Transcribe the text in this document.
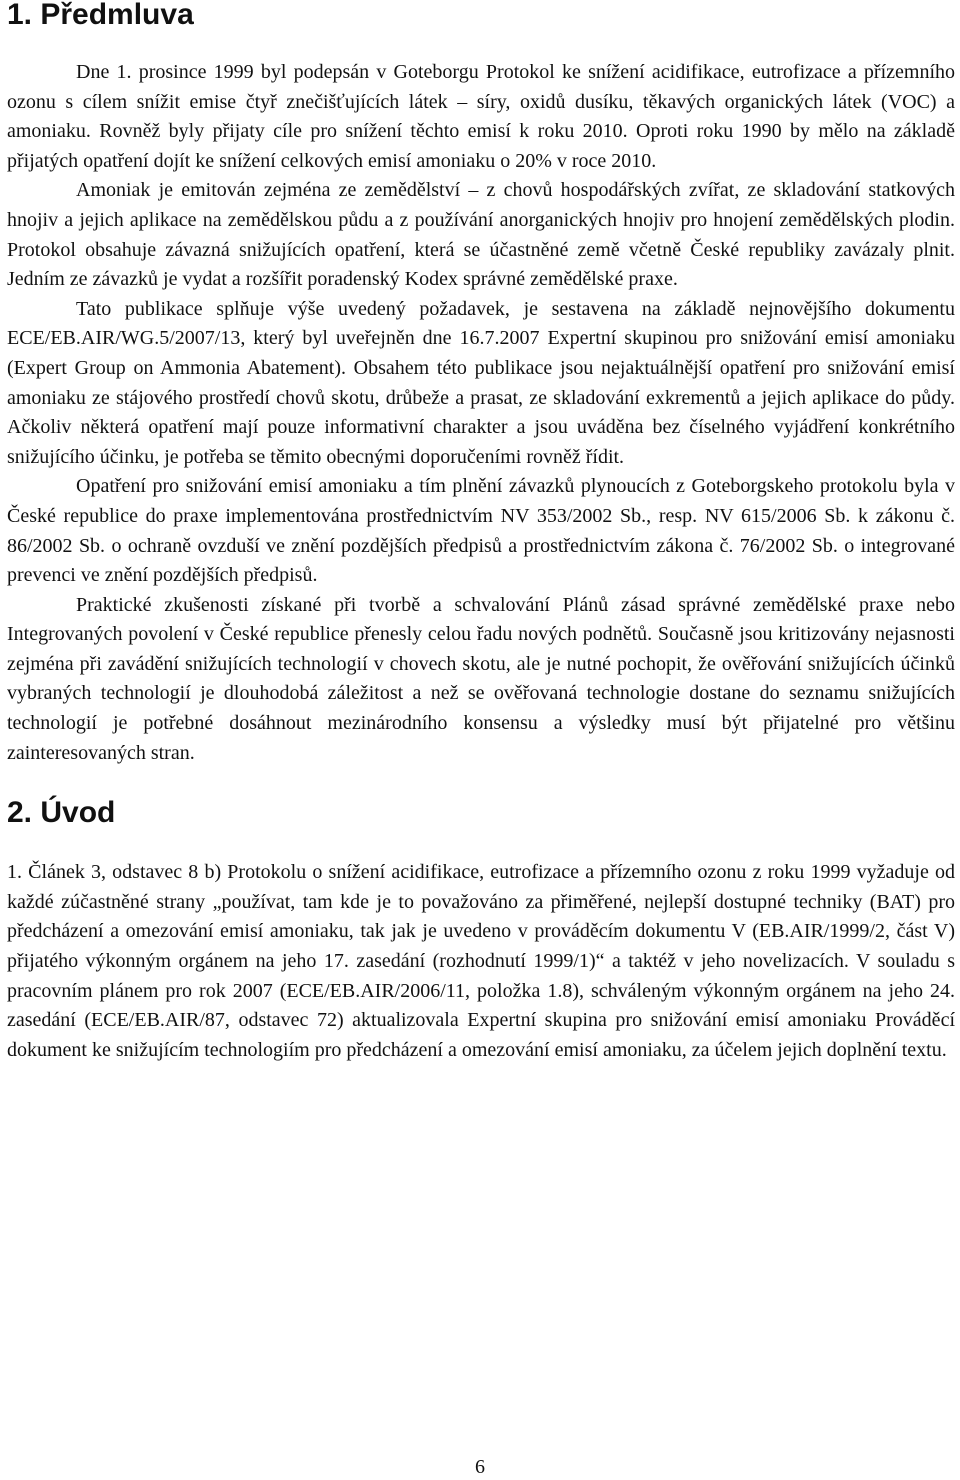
1. Předmluva

Dne 1. prosince 1999 byl podepsán v Goteborgu Protokol ke snížení acidifikace, eutrofizace a přízemního ozonu s cílem snížit emise čtyř znečišťujících látek – síry, oxidů dusíku, těkavých organických látek (VOC) a amoniaku. Rovněž byly přijaty cíle pro snížení těchto emisí k roku 2010. Oproti roku 1990 by mělo na základě přijatých opatření dojít ke snížení celkových emisí amoniaku o 20% v roce 2010.

Amoniak je emitován zejména ze zemědělství – z chovů hospodářských zvířat, ze skladování statkových hnojiv a jejich aplikace na zemědělskou půdu a z používání anorganických hnojiv pro hnojení zemědělských plodin. Protokol obsahuje závazná snižujících opatření, která se účastněné země včetně České republiky zavázaly plnit. Jedním ze závazků je vydat a rozšířit poradenský Kodex správné zemědělské praxe.

Tato publikace splňuje výše uvedený požadavek, je sestavena na základě nejnovějšího dokumentu ECE/EB.AIR/WG.5/2007/13, který byl uveřejněn dne 16.7.2007 Expertní skupinou pro snižování emisí amoniaku (Expert Group on Ammonia Abatement). Obsahem této publikace jsou nejaktuálnější opatření pro snižování emisí amoniaku ze stájového prostředí chovů skotu, drůbeže a prasat, ze skladování exkrementů a jejich aplikace do půdy. Ačkoliv některá opatření mají pouze informativní charakter a jsou uváděna bez číselného vyjádření konkrétního snižujícího účinku, je potřeba se těmito obecnými doporučeními rovněž řídit.

Opatření pro snižování emisí amoniaku a tím plnění závazků plynoucích z Goteborgskeho protokolu byla v České republice do praxe implementována prostřednictvím NV 353/2002 Sb., resp. NV 615/2006 Sb. k zákonu č. 86/2002 Sb. o ochraně ovzduší ve znění pozdějších předpisů a prostřednictvím zákona č. 76/2002 Sb. o integrované prevenci ve znění pozdějších předpisů.

Praktické zkušenosti získané při tvorbě a schvalování Plánů zásad správné zemědělské praxe nebo Integrovaných povolení v České republice přenesly celou řadu nových podnětů. Současně jsou kritizovány nejasnosti zejména při zavádění snižujících technologií v chovech skotu, ale je nutné pochopit, že ověřování snižujících účinků vybraných technologií je dlouhodobá záležitost a než se ověřovaná technologie dostane do seznamu snižujících technologií je potřebné dosáhnout mezinárodního konsensu a výsledky musí být přijatelné pro většinu zainteresovaných stran.

2. Úvod

1. Článek 3, odstavec 8 b) Protokolu o snížení acidifikace, eutrofizace a přízemního ozonu z roku 1999 vyžaduje od každé zúčastněné strany „používat, tam kde je to považováno za přiměřené, nejlepší dostupné techniky (BAT) pro předcházení a omezování emisí amoniaku, tak jak je uvedeno v prováděcím dokumentu V (EB.AIR/1999/2, část V) přijatého výkonným orgánem na jeho 17. zasedání (rozhodnutí 1999/1)“ a taktéž v jeho novelizacích. V souladu s pracovním plánem pro rok 2007 (ECE/EB.AIR/2006/11, položka 1.8), schváleným výkonným orgánem na jeho 24. zasedání (ECE/EB.AIR/87, odstavec 72) aktualizovala Expertní skupina pro snižování emisí amoniaku Prováděcí dokument ke snižujícím technologiím pro předcházení a omezování emisí amoniaku, za účelem jejich doplnění textu.

6
